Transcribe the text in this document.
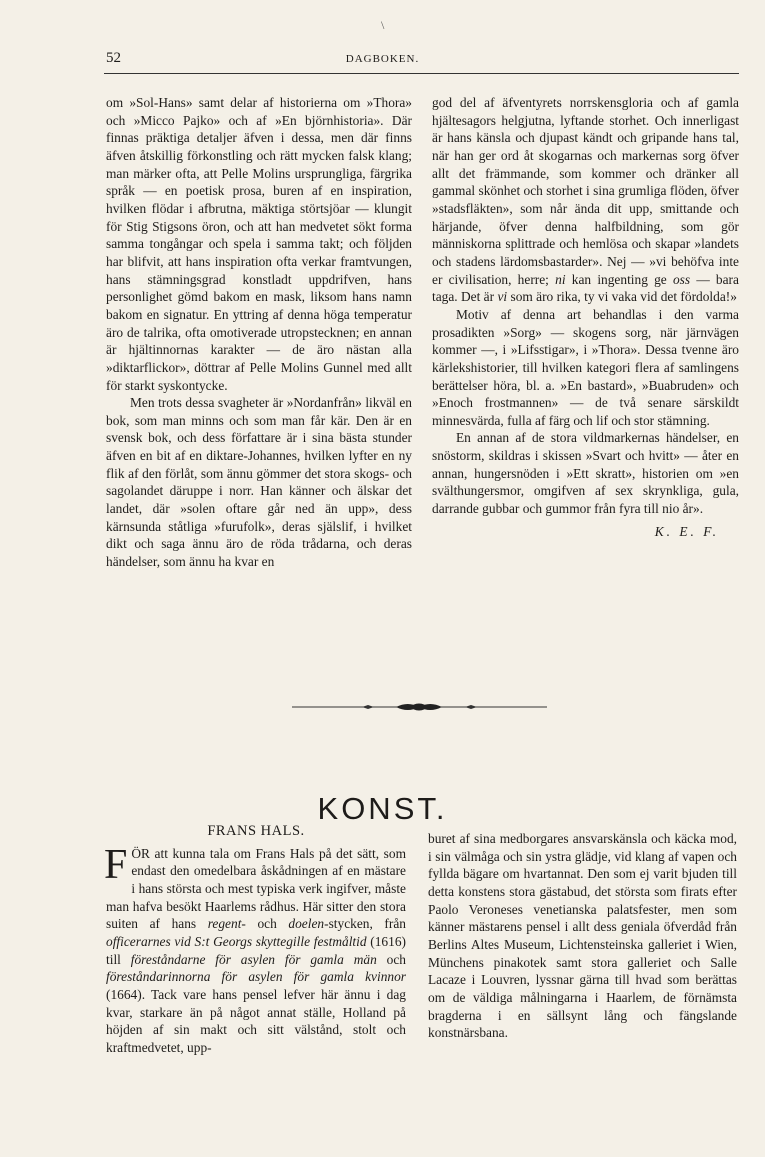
\
52	DAGBOKEN.

om »Sol-Hans» samt delar af historierna om »Thora» och »Micco Pajko» och af »En björnhistoria». Där finnas präktiga detaljer äfven i dessa, men där finns äfven åtskillig förkonstling och rätt mycken falsk klang; man märker ofta, att Pelle Molins ursprungliga, färgrika språk — en poetisk prosa, buren af en inspiration, hvilken flödar i afbrutna, mäktiga störtsjöar — klungit för Stig Stigsons öron, och att han medvetet sökt forma samma tongångar och spela i samma takt; och följden har blifvit, att hans inspiration ofta verkar framtvungen, hans stämningsgrad konstladt uppdrifven, hans personlighet gömd bakom en mask, liksom hans namn bakom en signatur. En yttring af denna höga temperatur äro de talrika, ofta omotiverade utropstecknen; en annan är hjältinnornas karakter — de äro nästan alla »diktarflickor», döttrar af Pelle Molins Gunnel med allt för starkt syskontycke.

Men trots dessa svagheter är »Nordanfrån» likväl en bok, som man minns och som man får kär. Den är en svensk bok, och dess författare är i sina bästa stunder äfven en bit af en diktare-Johannes, hvilken lyfter en ny flik af den förlåt, som ännu gömmer det stora skogs- och sagolandet däruppe i norr. Han känner och älskar det landet, där »solen oftare går ned än upp», dess kärnsunda ståtliga »furufolk», deras själslif, i hvilket dikt och saga ännu äro de röda trådarna, och deras händelser, som ännu ha kvar en

god del af äfventyrets norrskensgloria och af gamla hjältesagors helgjutna, lyftande storhet. Och innerligast är hans känsla och djupast kändt och gripande hans tal, när han ger ord åt skogarnas och markernas sorg öfver allt det främmande, som kommer och dränker all gammal skönhet och storhet i sina grumliga flöden, öfver »stadsfläkten», som når ända dit upp, smittande och härjande, öfver denna halfbildning, som gör människorna splittrade och hemlösa och skapar »landets och stadens lärdomsbastarder». Nej — »vi behöfva inte er civilisation, herre; ni kan ingenting ge oss — bara taga. Det är vi som äro rika, ty vi vaka vid det fördolda!»

Motiv af denna art behandlas i den varma prosadikten »Sorg» — skogens sorg, när järnvägen kommer —, i »Lifsstigar», i »Thora». Dessa tvenne äro kärlekshistorier, till hvilken kategori flera af samlingens berättelser höra, bl. a. »En bastard», »Buabruden» och »Enoch frostmannen» — de två senare särskildt minnesvärda, fulla af färg och lif och stor stämning.

En annan af de stora vildmarkernas händelser, en snöstorm, skildras i skissen »Svart och hvitt» — åter en annan, hungersnöden i »Ett skratt», historien om »en svälthungersmor, omgifven af sex skrynkliga, gula, darrande gubbar och gummor från fyra till nio år».

K. E. F.
KONST.
FRANS HALS.

F ÖR att kunna tala om Frans Hals på det sätt, som endast den omedelbara åskådningen af en mästare i hans största och mest typiska verk ingifver, måste man hafva besökt Haarlems rådhus. Här sitter den stora suiten af hans regent- och doelen-stycken, från officerarnes vid S:t Georgs skyttegille festmåltid (1616) till föreståndarne för asylen för gamla män och föreståndarinnorna för asylen för gamla kvinnor (1664). Tack vare hans pensel lefver här ännu i dag kvar, starkare än på något annat ställe, Holland på höjden af sin makt och sitt välstånd, stolt och kraftmedvetet, upp-

buret af sina medborgares ansvarskänsla och käcka mod, i sin välmåga och sin ystra glädje, vid klang af vapen och fyllda bägare om hvartannat. Den som ej varit bjuden till detta konstens stora gästabud, det största som firats efter Paolo Veroneses venetianska palatsfester, men som känner mästarens pensel i allt dess geniala öfverdåd från Berlins Altes Museum, Lichtensteinska galleriet i Wien, Münchens pinakotek samt stora galleriet och Salle Lacaze i Louvren, lyssnar gärna till hvad som berättas om de väldiga målningarna i Haarlem, de förnämsta bragderna i en sällsynt lång och fängslande konstnärsbana.
